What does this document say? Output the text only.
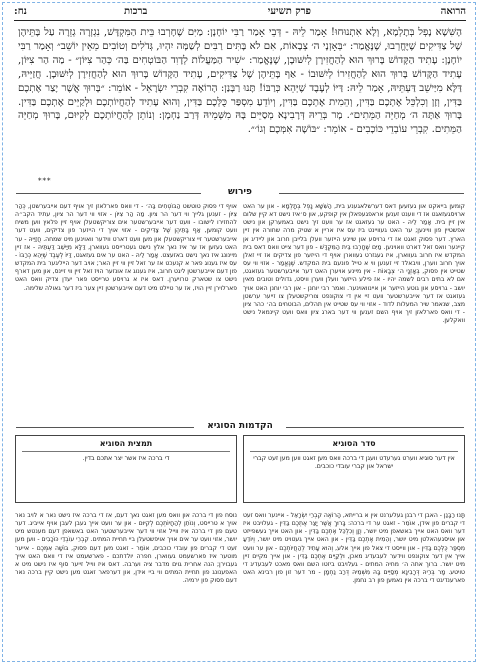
הרואה
פרק תשיעי
ברכות
נח:
הָשִּׁשָׁא נָפְל בְּתָלְמָא, וְלָא אִתְנוּחוּ! אָמַר לֵיהּ - דְּבֵי אָמַר רַבִּי יוֹחָנָן: מַיִּם שֶׁחָרְבוּ בֵּית הַמִּקְדָּשׁ, נִגְזְרָה גְזֵרָה עַל בָּתֵּיהֶן שֶׁל צַדִּיקִים שֶׁיֶּחֱרְבוּ, שֶׁנֶּאֱמַר: ״בְּאָזְנָי ה׳ צְבָאוֹת, אִם לֹא בָּתִּים רַבִּים לְשַׁמָּה יִהְיוּ, גְּדֹלִים וְטוֹבִים מֵאֵין יוֹשֵׁב״ וְאָמַר רַבִּי יוֹחָנָן: עָתִיד הַקָּדוֹשׁ בָּרוּךְ הוּא לְהַחֲזִירָן לְיִשּׁוּבָן, שֶׁנֶּאֱמַר: ״שִׁיר הַמַּעֲלוֹת לְדָוִד הַבּוֹטְחִים בַּה׳ כְּהַר צִיּוֹן״ - מַה הַר צִיּוֹן, עָתִיד הַקָּדוֹשׁ בָּרוּךְ הוּא לְהַחֲזִירוֹ לְיִשּׁוּבוֹ - אַף בָּתֵּיהֶן שֶׁל צַדִּיקִים, עָתִיד הַקָּדוֹשׁ בָּרוּךְ הוּא לְהַחֲזִירָן לְיִשּׁוּבָן. חֲזַיֵּיהּ, דַּלָּא מִיַּישֵׁב דַּעְתֵּיהּ, אָמַר לֵיהּ: דַּיּוֹ לְעֶבֶד שֶׁיְּהֵא כְּרַבּוֹ! תָּנוּ רַבָּנַן: הָרוֹאֶה קִבְרֵי יִשְׂרָאֵל - אוֹמֵר: ״בָּרוּךְ אֲשֶׁר יָצַר אֶתְכֶם בַּדִּין, וְזָן וְכִלְכֵּל אֶתְכֶם בַּדִּין, וְהֵמִית אֶתְכֶם בַּדִּין, וְיוֹדֵעַ מִסְפַּר כֻּלְּכֶם בַּדִּין, וְהוּא עָתִיד לְהַחֲיוֹתְכֶם וּלְקַיֵּים אֶתְכֶם בַּדִּין. בָּרוּךְ אַתָּה ה׳ מְחַיֵּה הַמֵּתִים״. מָר בְּרֵיהּ דְּרָבִינָא מְסַיֵּים בָּהּ מִשְּׁמֵיהּ דְּרַב נַחְמָן: וְנוֹתֵן לְהַחֲיוֹתְכֶם לְקִיּוּם, בָּרוּךְ מְחַיֵּה הַמֵּתִים. קִבְרֵי עוֹבְדֵי כּוֹכָבִים - אוֹמֵר: ״בּוֹשָׁה אִמְּכֶם וְגוֹ׳״.
***
פירוש
קומען בייאקט און געזעען דאס דערשלאגענע בית, הַשִּׁשָׁא נָפְל בְּתָלְמָא - און ער האט ארויסגעזאגט אז די ווענט זענען אראפגעפאלן אין קופקע, און ס׳איז נישט דא קיין שלום אין זיין בית. אָמַר לֵיהּ - האט ער געזאגט אז ער וועט זיך נישט באמערקן און נישט אפשטיין פון וויינען; ער האט געוויינט ביז עס איז אריין א שטיק מרה שחורה אין זיין הארץ. דער פסוק זאגט אז די גרויסע און שיינע הייזער וועלן בלייבן חרוב און ליידיג אן קיינער וואס זאל דארט וואוינען. מַיִּם שֶׁחָרְבוּ בֵּית הַמִּקְדָּשׁ - פון דער צייט וואס דאס בית המקדש איז חרוב געווארן, איז געגזרט געווארן אויף די הייזער פון צדיקים אז זיי זאלן אויך חרוב ווערן, וויבאלד זיי זענען ווי א טייל פונעם בית המקדש. שֶׁנֶּאֱמַר - אזוי ווי עס שטייט אין פסוק, בְּאָזְנָי ה׳ צְבָאוֹת - אין מיינע אויערן האט דער אייבערשטער געזאגט, אם לא בתים רבים לשמה יהיו - אז פילע הייזער וועלן ווערן וויסט, גדולים וטובים מאין יושב - גרויסע און גוטע הייזער אן איינוואוינער. ואמר רבי יוחנן - און רבי יוחנן האט אויך געזאגט אז דער אייבערשטער וועט זיי אין די צוקונפט צוריקשטעלן צו זייער ערשטן מצב, שנאמר שיר המעלות לדוד - אזוי ווי עס שטייט אין תהלים, הבוטחים בה׳ כהר ציון - די וואס פארלאזן זיך אויף השם זענען ווי דער בארג ציון וואס וועט קיינמאל נישט וואקלען.
אויף די פסוק טוטשט הַבּוֹטְחִים בַּה׳ - די וואס פארלאזן זיך אויף דעם אייבערשטן, כְּהַר צִיּוֹן - זענען גלייך ווי דער הר ציון. מַה הַר צִיּוֹן - אזוי ווי דער הר ציון, עתיד הקב״ה להחזירו לישובו - וועט דער אייבערשטער אים צוריקשטעלן אויף זיין פלאץ ווען משיח וועט קומען, אַף בָּתֵּיהֶן שֶׁל צַדִּיקִים - אזוי אויך די הייזער פון צדיקים, וועט דער אייבערשטער זיי צוריקשטעלן און מען וועט דארט ווידער וואוינען מיט שמחה. חֲזַיֵּיהּ - ער האט געזען אז ער איז נאך אלץ נישט געטרייסט געווארן, דַּלָּא מִיַּישֵׁב דַּעְתֵּיהּ - אז זיין מיינונג איז נאך נישט באזעצט. אָמַר לֵיהּ - האט ער אים געזאגט, דַּיּוֹ לְעֶבֶד שֶׁיְּהֵא כְּרַבּוֹ - עס איז גענוג פאר א קנעכט אז ער זאל זיין ווי זיין האר; אויב דער הייליגער בית המקדש פון דעם אייבערשטן ליגט חרוב, איז גענוג אז אונזער הויז זאל זיין ווי זיינס, און מען דארף נישט צו שטארק טרויערן. דאס איז א גרויסע טרייסט פאר יעדן צדיק וואס האט פארלוירן זיין הויז, אז ער טיילט מיט דעם אייבערשטן זיין צער ביז דער גאולה שלימה.
הקדמות הסוגיא
סדר הסוגיא
אין דער סוגיא ווערט גערעדט וועגן די ברכה וואס מען זאגט ווען מען זעט קברי ישראל און קברי עובדי כוכבים.
תמצית הסוגיא
די ברכה איז אשר יצר אתכם בדין.
תָּנוּ רַבָּנַן - האבן די רבנן געלערנט אין א ברייתא, הָרוֹאֶה קִבְרֵי יִשְׂרָאֵל - איינער וואס זעט די קברים פון אידן, אוֹמֵר - זאגט ער די ברכה: בָּרוּךְ אֲשֶׁר יָצַר אֶתְכֶם בַּדִּין - געלויבט איז דער וואס האט אייך באשאפן מיט יושר, וְזָן וְכִלְכֵּל אֶתְכֶם בַּדִּין - און האט אייך געשפייזט און אויסגעהאלטן מיט יושר, וְהֵמִית אֶתְכֶם בַּדִּין - און האט אייך געטויט מיט יושר, וְיוֹדֵעַ מִסְפַּר כֻּלְּכֶם בַּדִּין - און ווייסט די צאל פון אייך אלע, וְהוּא עָתִיד לְהַחֲיוֹתְכֶם - און ער וועט אייך אין דער צוקונפט ווידער לעבעדיג מאכן, וּלְקַיֵּים אֶתְכֶם בַּדִּין - און אייך מקיים זיין מיט יושר. ברוך אתה ה׳ מחיה המתים - געלויבט ביזטו השם וואס מאכט לעבעדיג די טויטע. מָר בְּרֵיהּ דְּרָבִינָא מְסַיֵּים בָּהּ מִשְּׁמֵיהּ דְּרַב נַחְמָן - מר דער זון פון רבינא האט פארענדיגט די ברכה אין נאמען פון רב נחמן.
נוסח פון די ברכה און וואס מען זאגט נאך דעם, אז די ברכה איז נישט נאר א לויב נאר אויך א טרייסט, וְנוֹתֵן לְהַחֲיוֹתְכֶם לְקִיּוּם - און ער וועט אייך געבן לעבן אויף אייביג. דער טעם פון די ברכה איז ווייל אזוי ווי דער אייבערשטער האט באשאפן דעם מענטש מיט יושר, אזוי וועט ער אים אויך אויפשטעלן ביי תחיית המתים. קִבְרֵי עוֹבְדֵי כּוֹכָבִים - ווען מען זעט די קברים פון עובדי כוכבים, אוֹמֵר - זאגט מען דעם פסוק, בּוֹשָׁה אִמְּכֶם - אייער מוטער איז פארשעמט געווארן, חפרה יולדתכם - פארשעמט איז די וואס האט אייך געבוירן; הנה אחרית גוים מדבר ציה וערבה. דאס איז ווייל זייער סוף איז נישט מיט א האפענונג פון תחיית המתים ווי ביי אידן, און דערפאר זאגט מען נישט קיין ברכה נאר דעם פסוק פון ירמיה.
